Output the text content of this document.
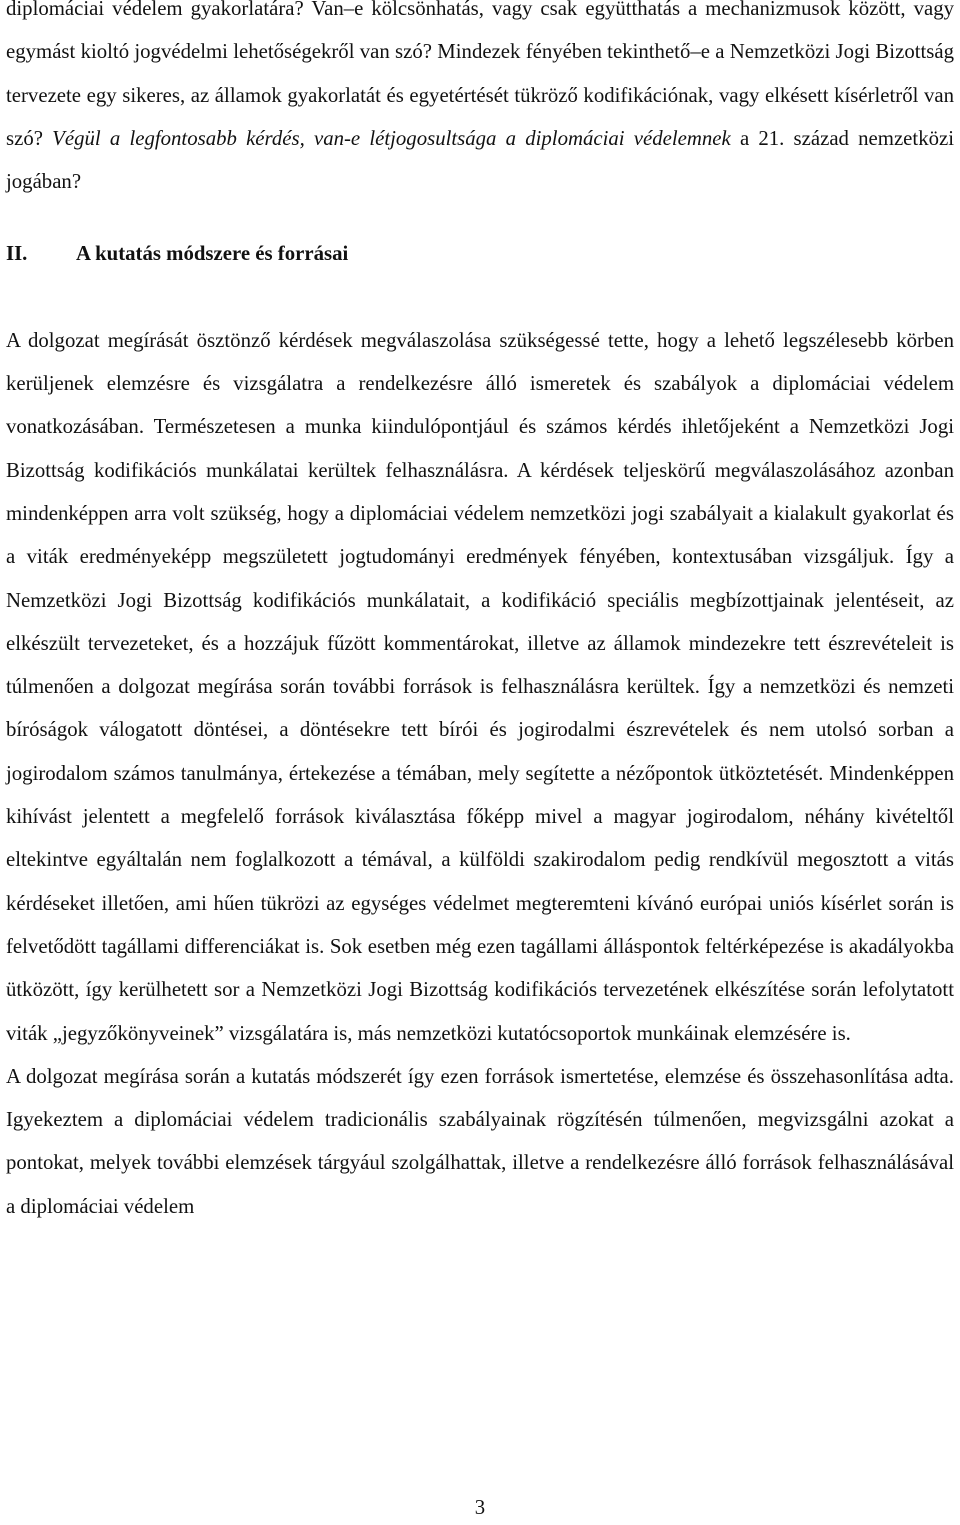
diplomáciai védelem gyakorlatára? Van–e kölcsönhatás, vagy csak együtthatás a mechanizmusok között, vagy egymást kioltó jogvédelmi lehetőségekről van szó? Mindezek fényében tekinthető–e a Nemzetközi Jogi Bizottság tervezete egy sikeres, az államok gyakorlatát és egyetértését tükröző kodifikációnak, vagy elkésett kísérletről van szó? Végül a legfontosabb kérdés, van-e létjogosultsága a diplomáciai védelemnek a 21. század nemzetközi jogában?

II.	A kutatás módszere és forrásai

A dolgozat megírását ösztönző kérdések megválaszolása szükségessé tette, hogy a lehető legszélesebb körben kerüljenek elemzésre és vizsgálatra a rendelkezésre álló ismeretek és szabályok a diplomáciai védelem vonatkozásában. Természetesen a munka kiindulópontjául és számos kérdés ihletőjeként a Nemzetközi Jogi Bizottság kodifikációs munkálatai kerültek felhasználásra. A kérdések teljeskörű megválaszolásához azonban mindenképpen arra volt szükség, hogy a diplomáciai védelem nemzetközi jogi szabályait a kialakult gyakorlat és a viták eredményeképp megszületett jogtudományi eredmények fényében, kontextusában vizsgáljuk. Így a Nemzetközi Jogi Bizottság kodifikációs munkálatait, a kodifikáció speciális megbízottjainak jelentéseit, az elkészült tervezeteket, és a hozzájuk fűzött kommentárokat, illetve az államok mindezekre tett észrevételeit is túlmenően a dolgozat megírása során további források is felhasználásra kerültek. Így a nemzetközi és nemzeti bíróságok válogatott döntései, a döntésekre tett bírói és jogirodalmi észrevételek és nem utolsó sorban a jogirodalom számos tanulmánya, értekezése a témában, mely segítette a nézőpontok ütköztetését. Mindenképpen kihívást jelentett a megfelelő források kiválasztása főképp mivel a magyar jogirodalom, néhány kivételtől eltekintve egyáltalán nem foglalkozott a témával, a külföldi szakirodalom pedig rendkívül megosztott a vitás kérdéseket illetően, ami hűen tükrözi az egységes védelmet megteremteni kívánó európai uniós kísérlet során is felvetődött tagállami differenciákat is. Sok esetben még ezen tagállami álláspontok feltérképezése is akadályokba ütközött, így kerülhetett sor a Nemzetközi Jogi Bizottság kodifikációs tervezetének elkészítése során lefolytatott viták „jegyzőkönyveinek” vizsgálatára is, más nemzetközi kutatócsoportok munkáinak elemzésére is.

A dolgozat megírása során a kutatás módszerét így ezen források ismertetése, elemzése és összehasonlítása adta. Igyekeztem a diplomáciai védelem tradicionális szabályainak rögzítésén túlmenően, megvizsgálni azokat a pontokat, melyek további elemzések tárgyául szolgálhattak, illetve a rendelkezésre álló források felhasználásával a diplomáciai védelem

3
